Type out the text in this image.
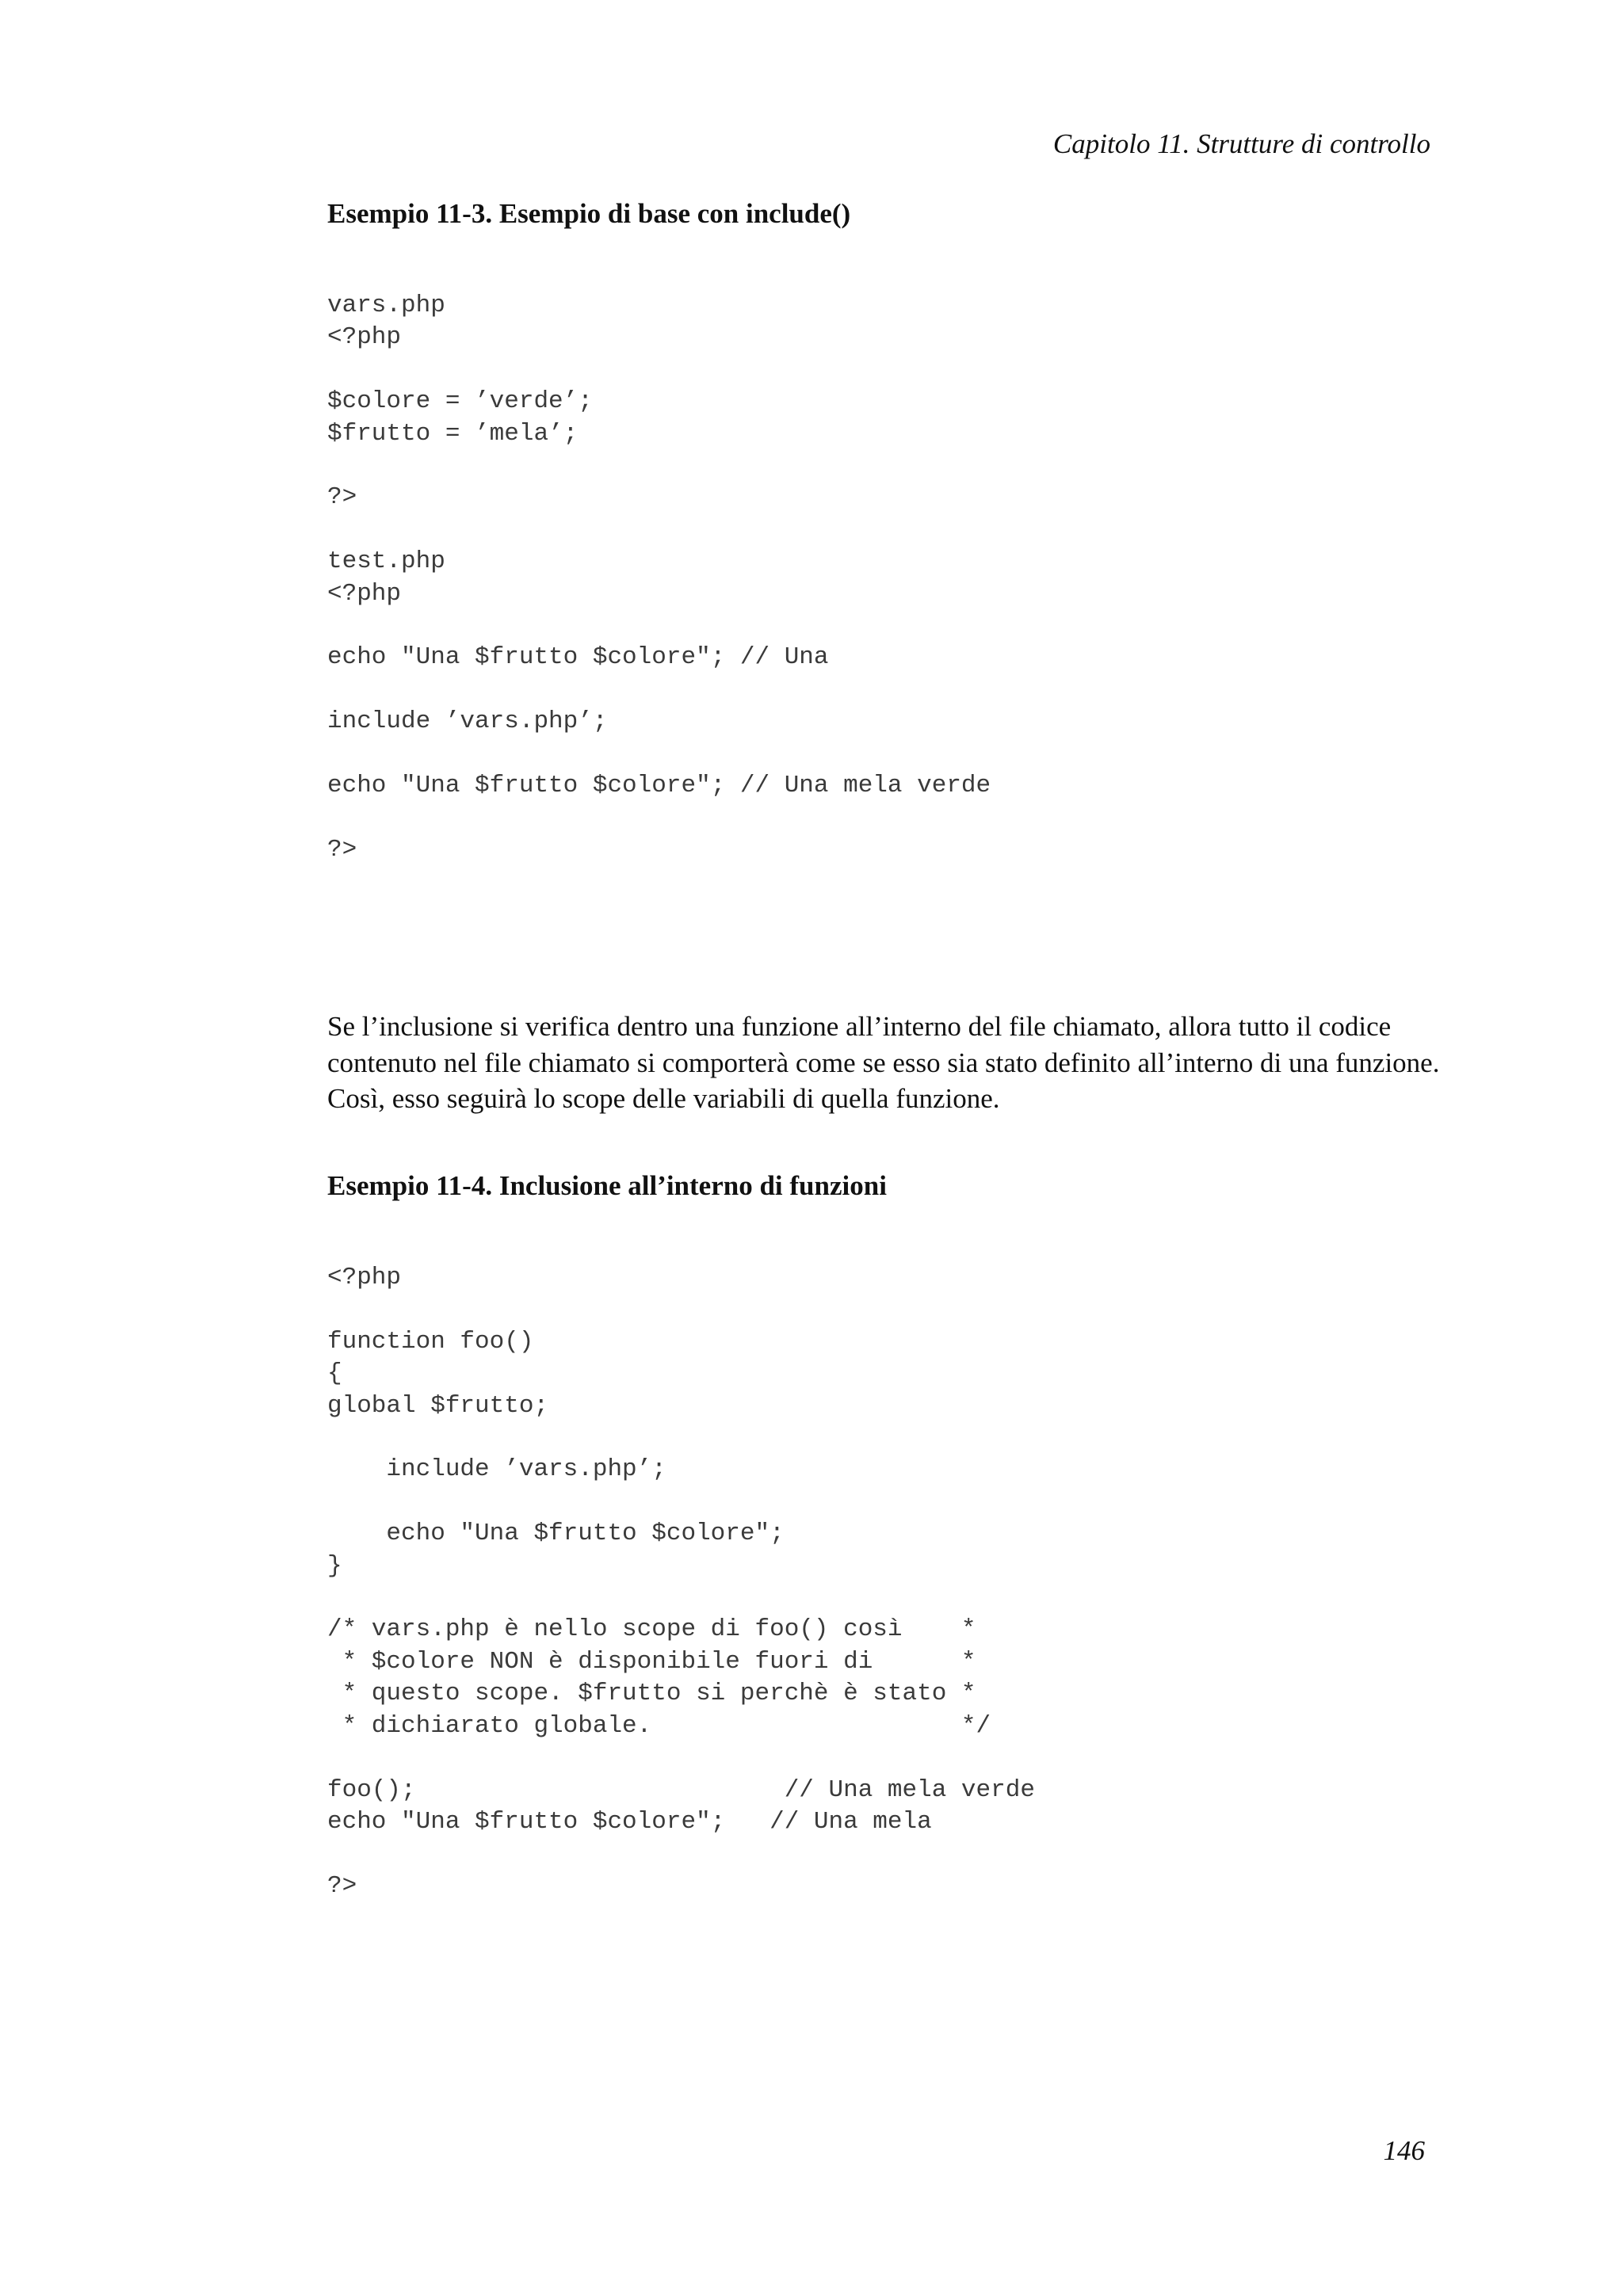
Capitolo 11. Strutture di controllo
Esempio 11-3. Esempio di base con include()
vars.php
<?php

$colore = ’verde’;
$frutto = ’mela’;

?>

test.php
<?php

echo "Una $frutto $colore"; // Una

include ’vars.php’;

echo "Una $frutto $colore"; // Una mela verde

?>
Se l’inclusione si verifica dentro una funzione all’interno del file chiamato, allora tutto il codice
contenuto nel file chiamato si comporterà come se esso sia stato definito all’interno di una funzione.
Così, esso seguirà lo scope delle variabili di quella funzione.
Esempio 11-4. Inclusione all’interno di funzioni
<?php

function foo()
{
global $frutto;

include ’vars.php’;

echo "Una $frutto $colore";
}

/* vars.php è nello scope di foo() così    *
* $colore NON è disponibile fuori di      *
* questo scope. $frutto si perchè è stato *
* dichiarato globale.                     */

foo();                         // Una mela verde
echo "Una $frutto $colore";   // Una mela

?>
146
